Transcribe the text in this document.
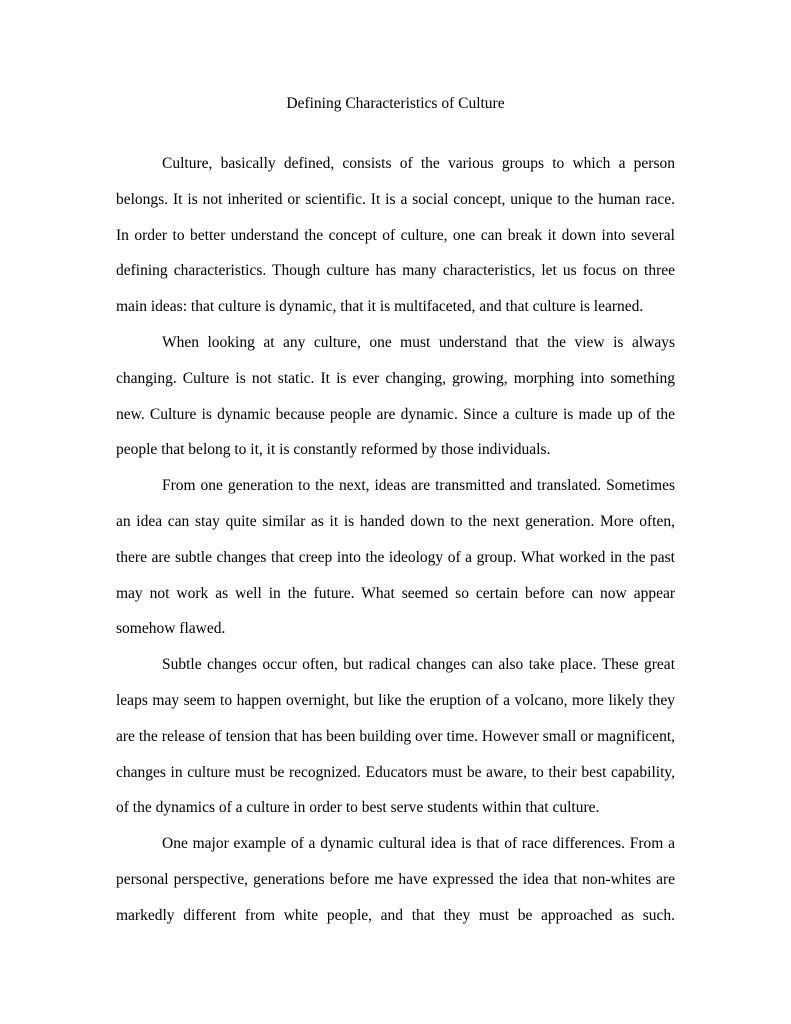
Defining Characteristics of Culture

Culture, basically defined, consists of the various groups to which a person belongs. It is not inherited or scientific. It is a social concept, unique to the human race. In order to better understand the concept of culture, one can break it down into several defining characteristics. Though culture has many characteristics, let us focus on three main ideas: that culture is dynamic, that it is multifaceted, and that culture is learned.

When looking at any culture, one must understand that the view is always changing. Culture is not static. It is ever changing, growing, morphing into something new. Culture is dynamic because people are dynamic. Since a culture is made up of the people that belong to it, it is constantly reformed by those individuals.

From one generation to the next, ideas are transmitted and translated. Sometimes an idea can stay quite similar as it is handed down to the next generation. More often, there are subtle changes that creep into the ideology of a group. What worked in the past may not work as well in the future. What seemed so certain before can now appear somehow flawed.

Subtle changes occur often, but radical changes can also take place. These great leaps may seem to happen overnight, but like the eruption of a volcano, more likely they are the release of tension that has been building over time. However small or magnificent, changes in culture must be recognized. Educators must be aware, to their best capability, of the dynamics of a culture in order to best serve students within that culture.

One major example of a dynamic cultural idea is that of race differences. From a personal perspective, generations before me have expressed the idea that non-whites are markedly different from white people, and that they must be approached as such.
